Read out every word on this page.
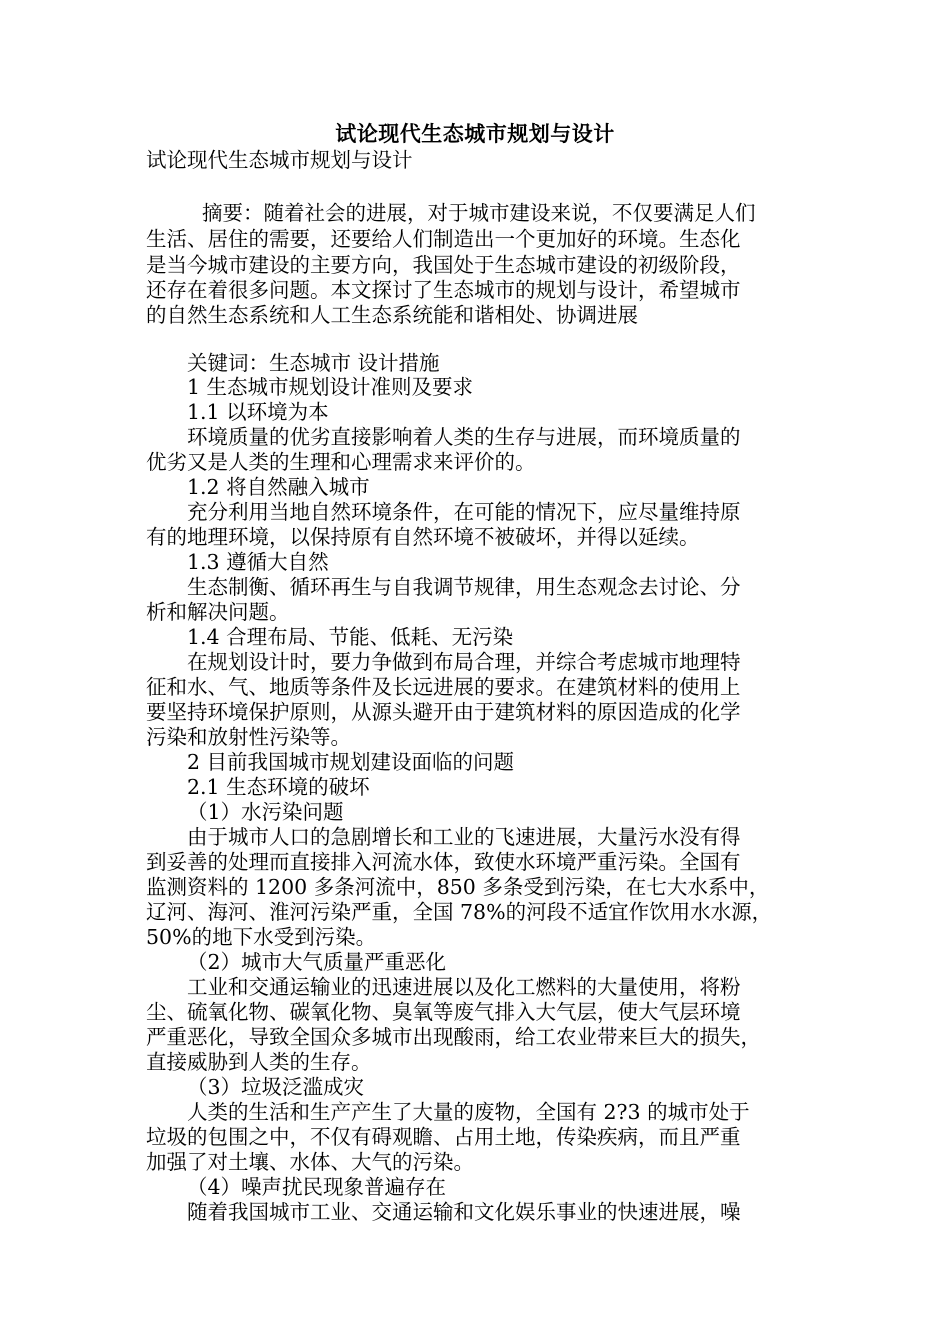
试论现代生态城市规划与设计
试论现代生态城市规划与设计
摘要：随着社会的进展，对于城市建设来说，不仅要满足人们
生活、居住的需要，还要给人们制造出一个更加好的环境。生态化
是当今城市建设的主要方向，我国处于生态城市建设的初级阶段，
还存在着很多问题。本文探讨了生态城市的规划与设计，希望城市
的自然生态系统和人工生态系统能和谐相处、协调进展
关键词：生态城市 设计措施
1 生态城市规划设计准则及要求
1.1 以环境为本
环境质量的优劣直接影响着人类的生存与进展，而环境质量的
优劣又是人类的生理和心理需求来评价的。
1.2 将自然融入城市
充分利用当地自然环境条件，在可能的情况下，应尽量维持原
有的地理环境，以保持原有自然环境不被破坏，并得以延续。
1.3 遵循大自然
生态制衡、循环再生与自我调节规律，用生态观念去讨论、分
析和解决问题。
1.4 合理布局、节能、低耗、无污染
在规划设计时，要力争做到布局合理，并综合考虑城市地理特
征和水、气、地质等条件及长远进展的要求。在建筑材料的使用上
要坚持环境保护原则，从源头避开由于建筑材料的原因造成的化学
污染和放射性污染等。
2 目前我国城市规划建设面临的问题
2.1 生态环境的破坏
（1）水污染问题
由于城市人口的急剧增长和工业的飞速进展，大量污水没有得
到妥善的处理而直接排入河流水体，致使水环境严重污染。全国有
监测资料的 1200 多条河流中，850 多条受到污染，在七大水系中，
辽河、海河、淮河污染严重，全国 78%的河段不适宜作饮用水水源，
50%的地下水受到污染。
（2）城市大气质量严重恶化
工业和交通运输业的迅速进展以及化工燃料的大量使用，将粉
尘、硫氧化物、碳氧化物、臭氧等废气排入大气层，使大气层环境
严重恶化，导致全国众多城市出现酸雨，给工农业带来巨大的损失，
直接威胁到人类的生存。
（3）垃圾泛滥成灾
人类的生活和生产产生了大量的废物，全国有 2?3 的城市处于
垃圾的包围之中，不仅有碍观瞻、占用土地，传染疾病，而且严重
加强了对土壤、水体、大气的污染。
（4）噪声扰民现象普遍存在
随着我国城市工业、交通运输和文化娱乐事业的快速进展，噪
